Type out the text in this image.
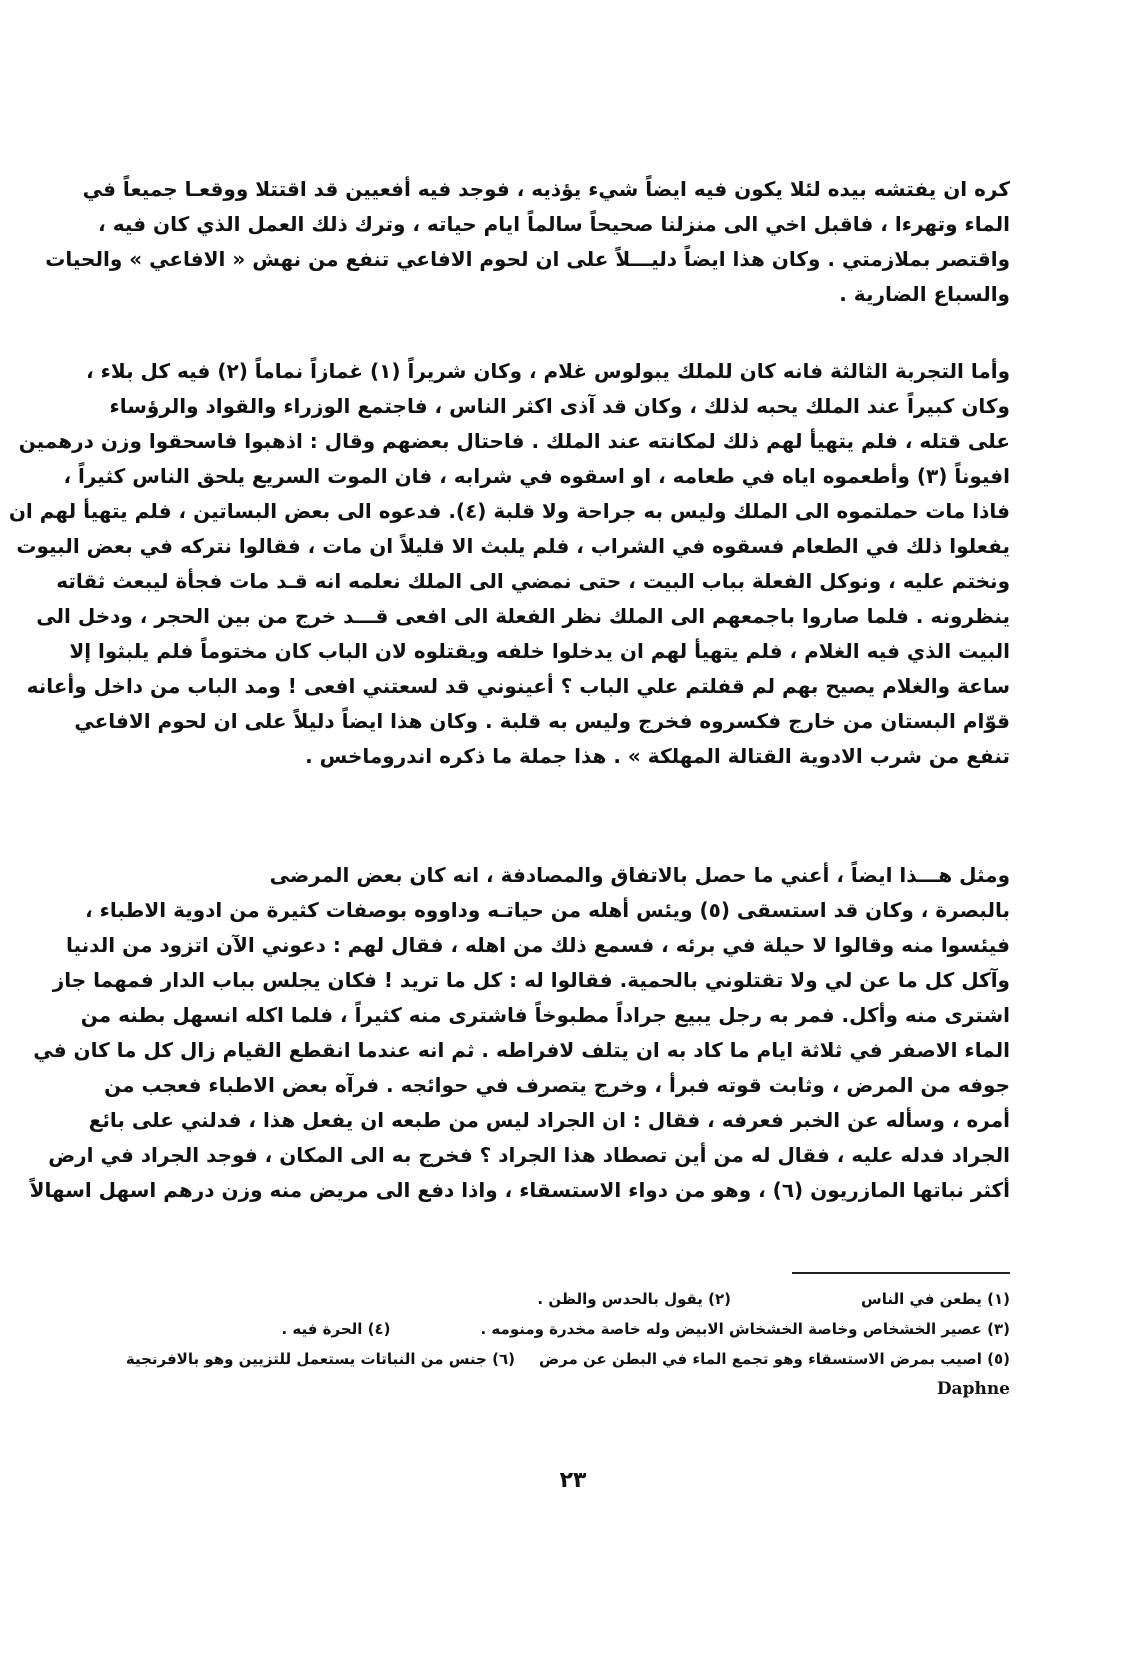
كره ان يفتشه بيده لئلا يكون فيه ايضاً شيء يؤذيه ، فوجد فيه أفعيين قد اقتتلا ووقعـا جميعاً في
الماء وتهرءا ، فاقبل اخي الى منزلنا صحيحاً سالماً ايام حياته ، وترك ذلك العمل الذي كان فيه ،
واقتصر بملازمتي . وكان هذا ايضاً دليـــلاً على ان لحوم الافاعي تنفع من نهش « الافاعي » والحيات
والسباع الضارية .
وأما التجربة الثالثة فانه كان للملك يبولوس غلام ، وكان شريراً (١) غمازاً نماماً (٢) فيه كل بلاء ،
وكان كبيراً عند الملك يحبه لذلك ، وكان قد آذى اكثر الناس ، فاجتمع الوزراء والقواد والرؤساء
على قتله ، فلم يتهيأ لهم ذلك لمكانته عند الملك . فاحتال بعضهم وقال : اذهبوا فاسحقوا وزن درهمين
افيوناً (٣) وأطعموه اياه في طعامه ، او اسقوه في شرابه ، فان الموت السريع يلحق الناس كثيراً ،
فاذا مات حملتموه الى الملك وليس به جراحة ولا قلبة (٤). فدعوه الى بعض البساتين ، فلم يتهيأ لهم ان
يفعلوا ذلك في الطعام فسقوه في الشراب ، فلم يلبث الا قليلاً ان مات ، فقالوا نتركه في بعض البيوت
ونختم عليه ، ونوكل الفعلة بباب البيت ، حتى نمضي الى الملك نعلمه انه قـد مات فجأة ليبعث ثقاته
ينظرونه . فلما صاروا باجمعهم الى الملك نظر الفعلة الى افعى قـــد خرج من بين الحجر ، ودخل الى
البيت الذي فيه الغلام ، فلم يتهيأ لهم ان يدخلوا خلفه ويقتلوه لان الباب كان مختوماً فلم يلبثوا إلا
ساعة والغلام يصيح بهم لم قفلتم علي الباب ؟ أعينوني قد لسعتني افعى ! ومد الباب من داخل وأعانه
قوّام البستان من خارج فكسروه فخرج وليس به قلبة . وكان هذا ايضاً دليلاً على ان لحوم الافاعي
تنفع من شرب الادوية القتالة المهلكة » . هذا جملة ما ذكره اندروماخس .
ومثل هـــذا ايضاً ، أعني ما حصل بالاتفاق والمصادفة ، انه كان بعض المرضى
بالبصرة ، وكان قد استسقى (٥) ويئس أهله من حياتـه وداووه بوصفات كثيرة من ادوية الاطباء ،
فيئسوا منه وقالوا لا حيلة في برئه ، فسمع ذلك من اهله ، فقال لهم : دعوني الآن اتزود من الدنيا
وآكل كل ما عن لي ولا تقتلوني بالحمية. فقالوا له : كل ما تريد ! فكان يجلس بباب الدار فمهما جاز
اشترى منه وأكل. فمر به رجل يبيع جراداً مطبوخاً فاشترى منه كثيراً ، فلما اكله انسهل بطنه من
الماء الاصفر في ثلاثة ايام ما كاد به ان يتلف لافراطه . ثم انه عندما انقطع القيام زال كل ما كان في
جوفه من المرض ، وثابت قوته فبرأ ، وخرج يتصرف في حوائجه . فرآه بعض الاطباء فعجب من
أمره ، وسأله عن الخبر فعرفه ، فقال : ان الجراد ليس من طبعه ان يفعل هذا ، فدلني على بائع
الجراد فدله عليه ، فقال له من أين تصطاد هذا الجراد ؟ فخرج به الى المكان ، فوجد الجراد في ارض
أكثر نباتها المازريون (٦) ، وهو من دواء الاستسقاء ، واذا دفع الى مريض منه وزن درهم اسهل اسهالاً
(١) يطعن في الناس(٢) يقول بالحدس والظن .
(٣) عصير الخشخاص وخاصة الخشخاش الابيض وله خاصة مخدرة ومنومه .(٤) الحرة فيه .
(٥) اصيب بمرض الاستسقاء وهو تجمع الماء في البطن عن مرض(٦) جنس من النباتات يستعمل للتزيين وهو بالافرنجية
Daphne
٢٣
